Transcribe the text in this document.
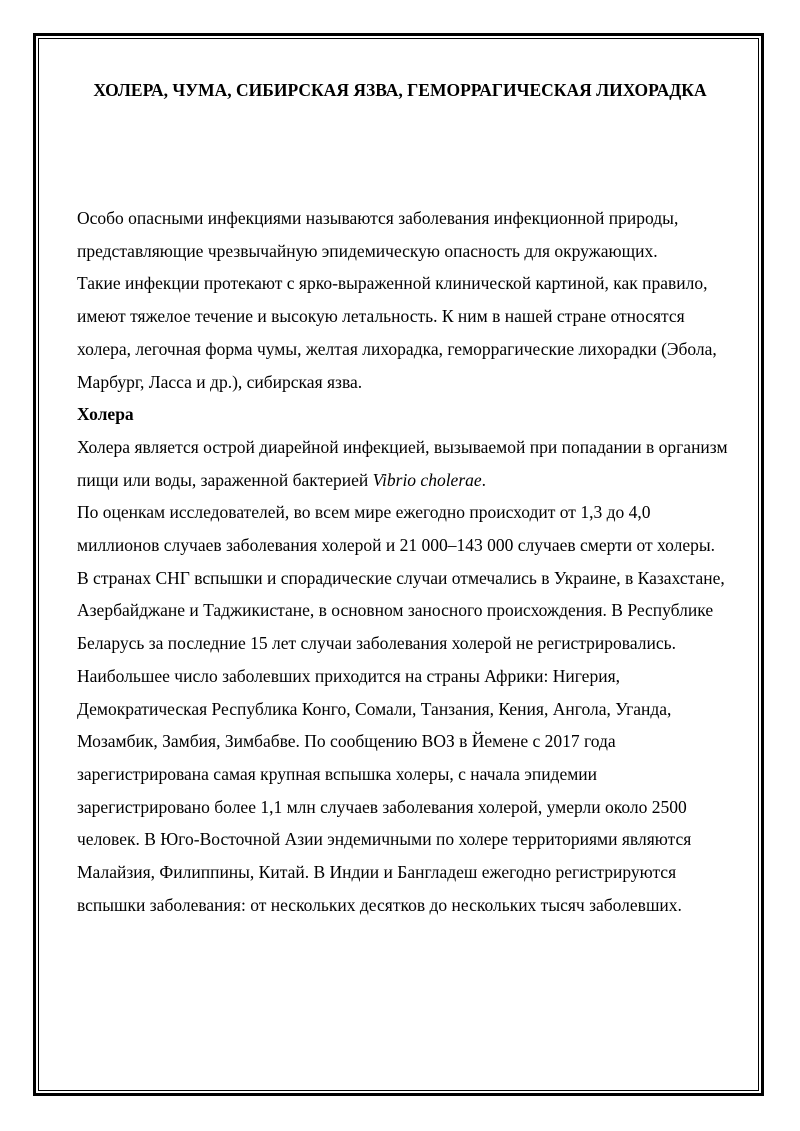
ХОЛЕРА, ЧУМА, СИБИРСКАЯ ЯЗВА, ГЕМОРРАГИЧЕСКАЯ ЛИХОРАДКА

Особо опасными инфекциями называются заболевания инфекционной природы, представляющие чрезвычайную эпидемическую опасность для окружающих.

Такие инфекции протекают с ярко-выраженной клинической картиной, как правило, имеют тяжелое течение и высокую летальность. К ним в нашей стране относятся холера, легочная форма чумы, желтая лихорадка, геморрагические лихорадки (Эбола, Марбург, Ласса и др.), сибирская язва.

Холера

Холера является острой диарейной инфекцией, вызываемой при попадании в организм пищи или воды, зараженной бактерией Vibrio cholerae.

По оценкам исследователей, во всем мире ежегодно происходит от 1,3 до 4,0 миллионов случаев заболевания холерой и 21 000–143 000 случаев смерти от холеры.

В странах СНГ вспышки и спорадические случаи отмечались в Украине, в Казахстане, Азербайджане и Таджикистане, в основном заносного происхождения. В Республике Беларусь за последние 15 лет случаи заболевания холерой не регистрировались.

Наибольшее число заболевших приходится на страны Африки: Нигерия, Демократическая Республика Конго, Сомали, Танзания, Кения, Ангола, Уганда, Мозамбик, Замбия, Зимбабве. По сообщению ВОЗ в Йемене с 2017 года зарегистрирована самая крупная вспышка холеры, с начала эпидемии зарегистрировано более 1,1 млн случаев заболевания холерой, умерли около 2500 человек. В Юго-Восточной Азии эндемичными по холере территориями являются Малайзия, Филиппины, Китай. В Индии и Бангладеш ежегодно регистрируются вспышки заболевания: от нескольких десятков до нескольких тысяч заболевших.
